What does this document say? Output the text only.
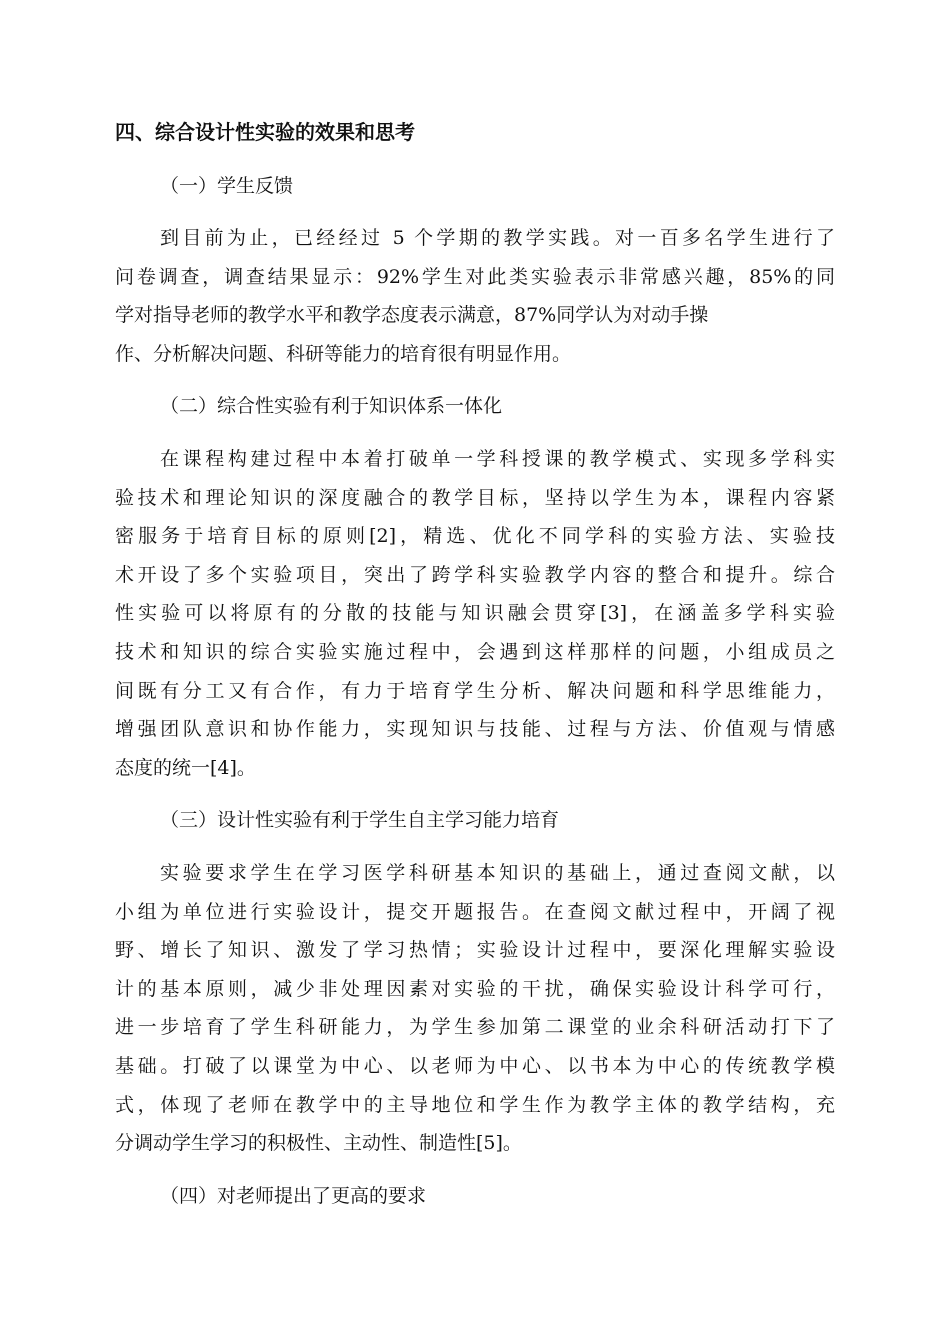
四、综合设计性实验的效果和思考

（一）学生反馈

到目前为止，已经经过 5 个学期的教学实践。对一百多名学生进行了
问卷调查，调查结果显示：92%学生对此类实验表示非常感兴趣，85%的同
学对指导老师的教学水平和教学态度表示满意，87%同学认为对动手操
作、分析解决问题、科研等能力的培育很有明显作用。

（二）综合性实验有利于知识体系一体化

在课程构建过程中本着打破单一学科授课的教学模式、实现多学科实
验技术和理论知识的深度融合的教学目标，坚持以学生为本，课程内容紧
密服务于培育目标的原则[2]，精选、优化不同学科的实验方法、实验技
术开设了多个实验项目，突出了跨学科实验教学内容的整合和提升。综合
性实验可以将原有的分散的技能与知识融会贯穿[3]，在涵盖多学科实验
技术和知识的综合实验实施过程中，会遇到这样那样的问题，小组成员之
间既有分工又有合作，有力于培育学生分析、解决问题和科学思维能力，
增强团队意识和协作能力，实现知识与技能、过程与方法、价值观与情感
态度的统一[4]。

（三）设计性实验有利于学生自主学习能力培育

实验要求学生在学习医学科研基本知识的基础上，通过查阅文献，以
小组为单位进行实验设计，提交开题报告。在查阅文献过程中，开阔了视
野、增长了知识、激发了学习热情；实验设计过程中，要深化理解实验设
计的基本原则，减少非处理因素对实验的干扰，确保实验设计科学可行，
进一步培育了学生科研能力，为学生参加第二课堂的业余科研活动打下了
基础。打破了以课堂为中心、以老师为中心、以书本为中心的传统教学模
式，体现了老师在教学中的主导地位和学生作为教学主体的教学结构，充
分调动学生学习的积极性、主动性、制造性[5]。

（四）对老师提出了更高的要求
